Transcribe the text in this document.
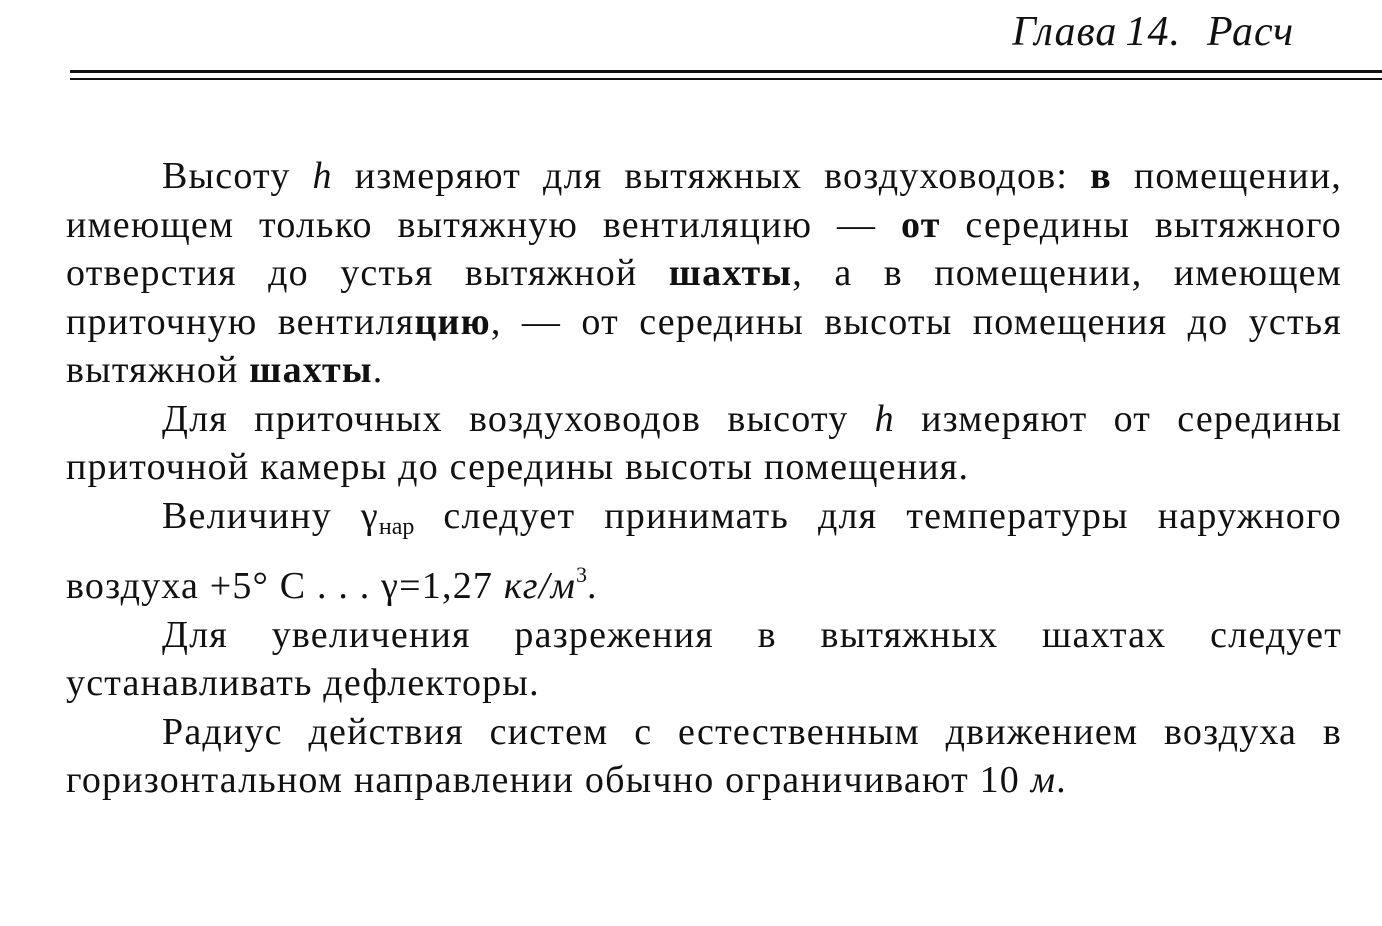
Глава 14. Расч

Высоту h измеряют для вытяжных воздуховодов: в помещении, имеющем только вытяжную вентиляцию — от середины вытяжного отверстия до устья вытяжной шахты, а в помещении, имеющем приточную вентиляцию, — от середины высоты помещения до устья вытяжной шахты.

Для приточных воздуховодов высоту h измеряют от середины приточной камеры до середины высоты помещения.

Величину $\gamma_{нар}$ следует принимать для температуры наружного воздуха +5° С . . . γ=1,27 $кг/м^3$.

Для увеличения разрежения в вытяжных шахтах следует устанавливать дефлекторы.

Радиус действия систем с естественным движением воздуха в горизонтальном направлении обычно ограничивают 10 м.
